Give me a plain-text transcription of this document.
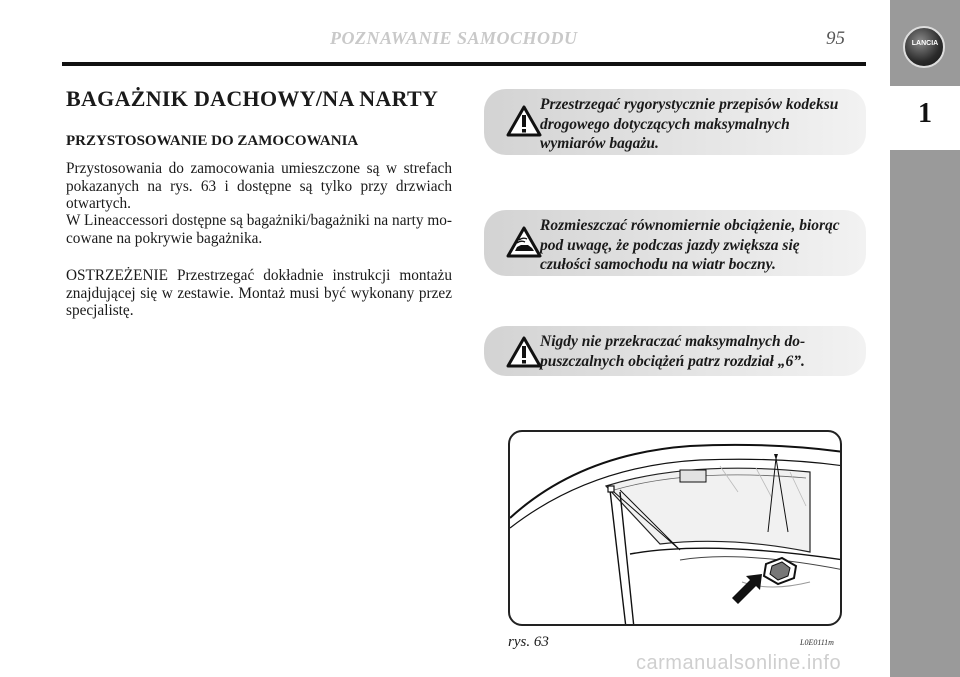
POZNAWANIE SAMOCHODU	95	LANCIA
1
BAGAŻNIK DACHOWY/NA NARTY
PRZYSTOSOWANIE DO ZAMOCOWANIA
Przystosowania do zamocowania umieszczone są w strefach pokazanych na rys. 63 i dostępne są tylko przy drzwiach otwartych.
W Lineaccessori dostępne są bagażniki/bagażniki na narty mocowane na pokrywie bagażnika.
OSTRZEŻENIE Przestrzegać dokładnie instrukcji montażu znajdującej się w zestawie. Montaż musi być wykonany przez specjalistę.
Przestrzegać rygorystycznie przepisów kodeksu drogowego dotyczących maksymalnych wymiarów bagażu.
Rozmieszczać równomiernie obciążenie, biorąc pod uwagę, że podczas jazdy zwiększa się czułości samochodu na wiatr boczny.
Nigdy nie przekraczać maksymalnych dopuszczalnych obciążeń patrz rozdział „6”.
rys. 63	L0E0111m
carmanualsonline.info
